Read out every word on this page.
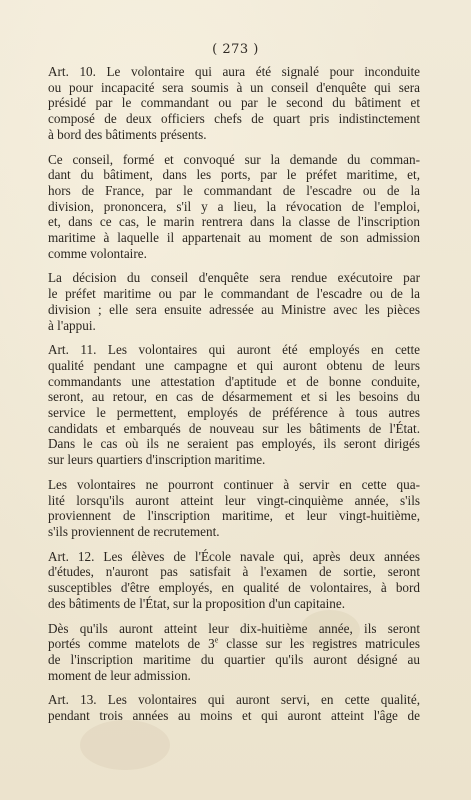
( 273 )
Art. 10. Le volontaire qui aura été signalé pour inconduite
ou pour incapacité sera soumis à un conseil d'enquête qui sera
présidé par le commandant ou par le second du bâtiment et
composé de deux officiers chefs de quart pris indistinctement
à bord des bâtiments présents.
Ce conseil, formé et convoqué sur la demande du comman-
dant du bâtiment, dans les ports, par le préfet maritime, et,
hors de France, par le commandant de l'escadre ou de la
division, prononcera, s'il y a lieu, la révocation de l'emploi,
et, dans ce cas, le marin rentrera dans la classe de l'inscription
maritime à laquelle il appartenait au moment de son admission
comme volontaire.
La décision du conseil d'enquête sera rendue exécutoire par
le préfet maritime ou par le commandant de l'escadre ou de la
division ; elle sera ensuite adressée au Ministre avec les pièces
à l'appui.
Art. 11. Les volontaires qui auront été employés en cette
qualité pendant une campagne et qui auront obtenu de leurs
commandants une attestation d'aptitude et de bonne conduite,
seront, au retour, en cas de désarmement et si les besoins du
service le permettent, employés de préférence à tous autres
candidats et embarqués de nouveau sur les bâtiments de l'État.
Dans le cas où ils ne seraient pas employés, ils seront dirigés
sur leurs quartiers d'inscription maritime.
Les volontaires ne pourront continuer à servir en cette qua-
lité lorsqu'ils auront atteint leur vingt-cinquième année, s'ils
proviennent de l'inscription maritime, et leur vingt-huitième,
s'ils proviennent de recrutement.
Art. 12. Les élèves de l'École navale qui, après deux années
d'études, n'auront pas satisfait à l'examen de sortie, seront
susceptibles d'être employés, en qualité de volontaires, à bord
des bâtiments de l'État, sur la proposition d'un capitaine.
Dès qu'ils auront atteint leur dix-huitième année, ils seront
portés comme matelots de 3e classe sur les registres matricules
de l'inscription maritime du quartier qu'ils auront désigné au
moment de leur admission.
Art. 13. Les volontaires qui auront servi, en cette qualité,
pendant trois années au moins et qui auront atteint l'âge de
